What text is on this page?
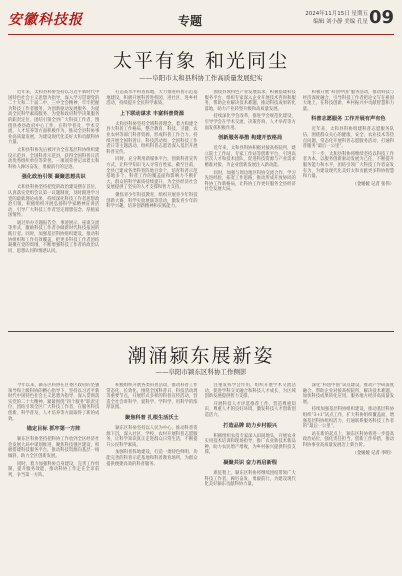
安徽科技报	专题	2024年11月15日 星期五
编辑 刘小静 美编 孔星 09
太平有象 和光同尘
——阜阳市太和县科协工作高质量发展纪实

近年来，太和县科协坚持以习近平新时代中国特色社会主义思想为指导，深入学习贯彻党的二十大和二十届二中、三中全会精神，牢牢把握为科技工作者服务、为创新驱动发展服务、为提高全民科学素质服务、为党和政府科学决策服务的职责定位，团结引领全县广大科技工作者，围绕县委县政府中心工作，在科学普及、学术交流、人才培养等方面积极作为，推动全县科协事业高质量发展，为建设现代化美好太和贡献科协力量。

太和县科协先后被评为全省基层科协组织建设示范县、全国科普示范县，获得全国科普日活动优秀组织单位等荣誉。一项项荣誉记录着太和科协人踔厉奋发、勇毅前行的足迹。

强化政治引领 凝聚思想共识

太和县科协坚持把党的政治建设摆在首位，认真落实党组会议第一议题制度，及时跟进学习党的最新理论成果，持续深化科技工作者思想政治引领。积极组织开展弘扬科学家精神宣讲活动，引导广大科技工作者坚定理想信念，厚植家国情怀。

通过举办专题报告会、事迹展示、座谈交流等形式，激励科技工作者争做新时代科技报国的践行者。同时，加强基层科协组织建设，推动科协组织和工作有效覆盖，把更多科技工作者团结凝聚在党的周围，不断增强科技工作者的政治认同、思想认同和情感认同。

打造高水平科普阵地，大力推进科普示范基地建设，积极开展科普进校园、进社区、进乡村活动，持续提升全民科学素质。

上下联动谋求 丰富科普资源

太和县科协坚持全域科普理念，着力构建全县大科普工作格局，整合教育、科技、卫健、农业农村等部门科普资源，形成科普工作合力。持续开展全国科普日、科技活动周、全国科技工作者日等主题活动，组织科普志愿者深入基层开展科普宣传。

同时，充分利用新媒体平台，创新科普宣传方式，让科学知识飞入寻常百姓家。截至目前，全县已建成各类科普阵地百余个，培育科普示范基地多个，科普工作的覆盖面和影响力不断扩大，群众的科学素质持续提升，为全县经济社会发展提供了坚实的人才支撑和智力支持。

聚焦青少年科技教育，组织开展青少年科技创新大赛、科学实验展演等活动，激发青少年的科学兴趣，培养创新精神和实践能力。

围绕县域特色产业发展需求，积极搭建科技服务平台，组织专家深入企业开展技术咨询和服务，帮助企业解决技术难题，推动科技成果转化落地，助力产业转型升级和高质量发展。

持续深化学会改革，推进学会规范化建设，引导学会在学术交流、决策咨询、人才举荐等方面发挥积极作用。

创新服务举措 构建开放格局

近年来，太和县科协积极对接高校院所，建立院士工作站、专家工作站等创新平台，引进高层次人才和技术团队，促进科技资源与产业需求精准对接，为企业创新发展注入新动能。

同时，加强与周边地区科协交流合作，学习先进经验，拓宽工作思路，推动形成开放协同的科协工作新格局，让科协工作更好服务全县经济社会发展大局。

积极开展“科创中国”服务活动，推动科技与经济深度融合，引导科技工作者把论文写在祖国大地上，在科技创新、乡村振兴中贡献智慧和力量。

科普志愿服务 工作开展有声有色

近年来，太和县科协组建科普志愿服务队伍，围绕群众关心的健康、安全、农业技术等热点问题，常态化开展科普志愿服务活动，打通科普服务“最后一公里”。

下一步，太和县科协将继续坚持以科技工作者为本，以服务创新驱动发展为己任，不断提升服务能力和水平，团结引领广大科技工作者奋发有为，为建设现代化美好太和贡献更多科协智慧和力量。

（金媛媛 记者 张伟）

潮涌颍东展新姿
——阜阳市颍东区科协工作侧影

今年以来，颍东区科协在区委区政府的坚强领导和上级科协的精心指导下，坚持以习近平新时代中国特色社会主义思想为指导，深入贯彻落实党的二十大精神，紧紧围绕“四个服务”职责定位，团结引领全区广大科技工作者，在服务科技创新、科学普及、人才培养等方面取得了新的成效。

锚定目标 抓牢第一方阵

颍东区科协坚持把科协工作放到全区经济社会发展大局中谋划推进，聚焦科技强区建设，积极搭建科技服务平台，推动科技资源向基层一线倾斜，助力全区创新发展。

同时，着力加强科协自身建设，完善工作机制，提升服务效能，推动科协工作走在全市前列，争当第一方阵。

积极组织开展各类科普活动，推动科普工作常态化、长效化。围绕全国科普日、科技活动周等重要节点，开展形式多样的科普宣传活动，营造全社会讲科学、爱科学、学科学、用科学的浓厚氛围。

聚焦科普 扎根生活沃土

颍东区科协坚持以人民为中心，推动科普资源下沉，深入社区、学校、农村开展科普志愿服务，让科学知识真正走进群众日常生活，不断提升公民科学素质。

加强科普阵地建设，打造一批特色鲜明、功能完善的科普示范基地和科普教育场所，为群众提供便捷高效的科普服务。

注重发挥学会作用，组织开展学术交流活动，促进学科交叉融合和科技人才成长，为区域创新发展提供智力支撑。

开展科技人才评选推荐工作，营造尊重知识、尊重人才的良好环境，激发科技人才创新创造活力。

打造品牌 助力乡村振兴

积极组织农技专家深入田间地头，开展农业实用技术培训和现场指导，推广农业新技术新品种，助力农民增产增收，为乡村振兴提供科技支撑。

凝聚共识 奋力再启新程

新征程上，颍东区科协将继续团结带领广大科技工作者，踔厉奋发、勇毅前行，为建设现代化美好颍东贡献科协力量。

深化“科创中国”试点建设，推动产学研深度融合，帮助企业对接高校院所，解决技术难题，加快科技成果转化应用，服务地方经济高质量发展。

持续加强基层科协组织建设，推动基层科协组织“3+1”试点工作，扩大科协组织覆盖面，增强基层科协组织活力，打通联系服务科技工作者的“最后一公里”。

站在新的起点上，颍东区科协将进一步提高政治站位，强化责任担当，创新工作举措，推动科协事业高质量发展迈上新台阶。

（金媛媛 记者 李明）
